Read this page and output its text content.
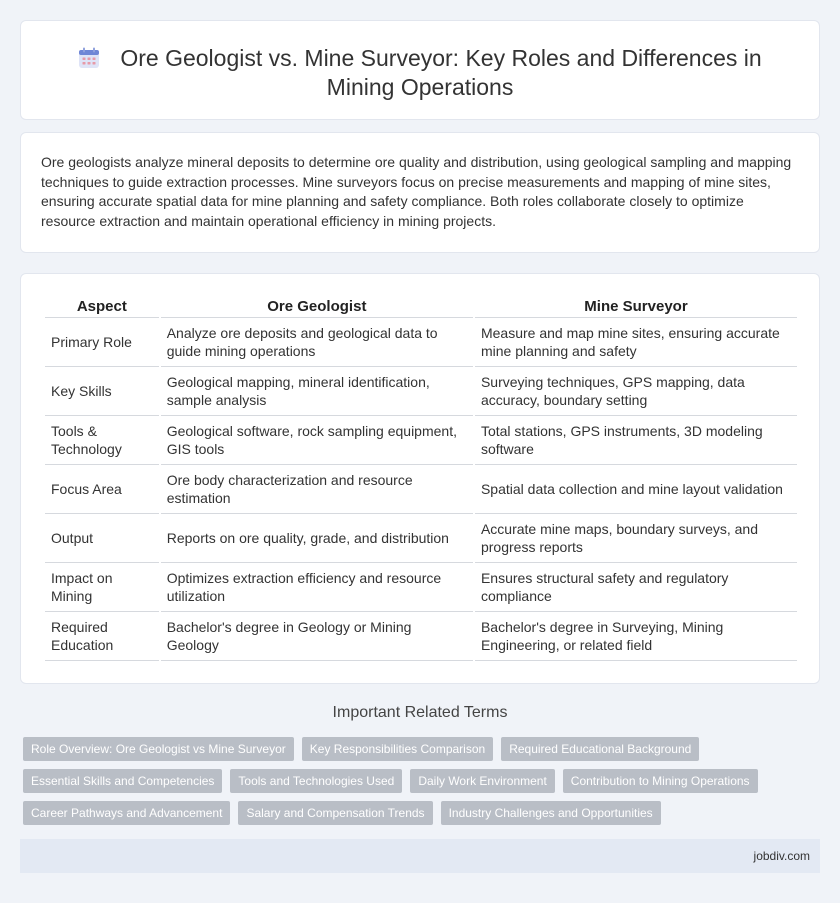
Ore Geologist vs. Mine Surveyor: Key Roles and Differences in Mining Operations

Ore geologists analyze mineral deposits to determine ore quality and distribution, using geological sampling and mapping techniques to guide extraction processes. Mine surveyors focus on precise measurements and mapping of mine sites, ensuring accurate spatial data for mine planning and safety compliance. Both roles collaborate closely to optimize resource extraction and maintain operational efficiency in mining projects.

Aspect	Ore Geologist	Mine Surveyor
Primary Role	Analyze ore deposits and geological data to guide mining operations	Measure and map mine sites, ensuring accurate mine planning and safety
Key Skills	Geological mapping, mineral identification, sample analysis	Surveying techniques, GPS mapping, data accuracy, boundary setting
Tools & Technology	Geological software, rock sampling equipment, GIS tools	Total stations, GPS instruments, 3D modeling software
Focus Area	Ore body characterization and resource estimation	Spatial data collection and mine layout validation
Output	Reports on ore quality, grade, and distribution	Accurate mine maps, boundary surveys, and progress reports
Impact on Mining	Optimizes extraction efficiency and resource utilization	Ensures structural safety and regulatory compliance
Required Education	Bachelor's degree in Geology or Mining Geology	Bachelor's degree in Surveying, Mining Engineering, or related field
Important Related Terms
Role Overview: Ore Geologist vs Mine Surveyor	Key Responsibilities Comparison	Required Educational Background
Essential Skills and Competencies	Tools and Technologies Used	Daily Work Environment	Contribution to Mining Operations
Career Pathways and Advancement	Salary and Compensation Trends	Industry Challenges and Opportunities
jobdiv.com
